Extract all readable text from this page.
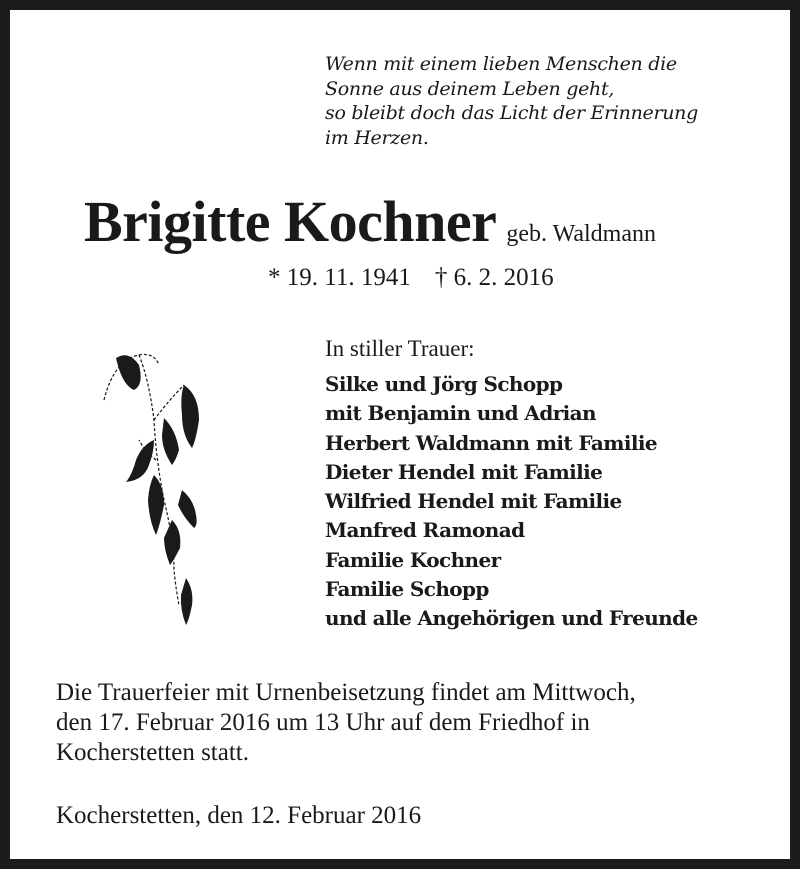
Wenn mit einem lieben Menschen die
Sonne aus deinem Leben geht,
so bleibt doch das Licht der Erinnerung
im Herzen.
Brigitte Kochner geb. Waldmann
* 19. 11. 1941 † 6. 2. 2016
In stiller Trauer:
Silke und Jörg Schopp
mit Benjamin und Adrian
Herbert Waldmann mit Familie
Dieter Hendel mit Familie
Wilfried Hendel mit Familie
Manfred Ramonad
Familie Kochner
Familie Schopp
und alle Angehörigen und Freunde
Die Trauerfeier mit Urnenbeisetzung findet am Mittwoch,
den 17. Februar 2016 um 13 Uhr auf dem Friedhof in
Kocherstetten statt.
Kocherstetten, den 12. Februar 2016
